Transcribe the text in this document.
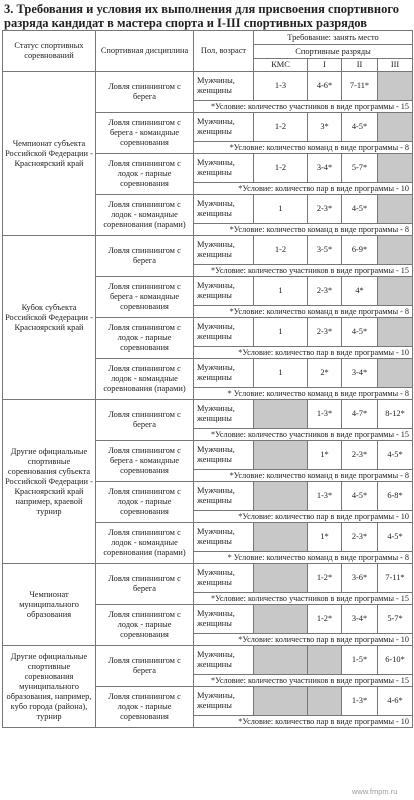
3. Требования и условия их выполнения для присвоения спортивного разряда кандидат в мастера спорта и I-III спортивных разрядов
Статус спортивных соревнований	Спортивная дисциплина	Пол, возраст	Требование: занять место			
			Спортивные разряды			
			КМС	I	II	III
Чемпионат субъекта Российской Федерации - Красноярский край	Ловля спиннингом с берега	Мужчины, женщины	1-3	4-6*	7-11*	
		*Условие: количество участников в виде программы - 15				
	Ловля спиннингом с берега - командные соревнования	Мужчины, женщины	1-2	3*	4-5*	
		*Условие: количество команд в виде программы - 8				
	Ловля спиннингом с лодок - парные соревнования	Мужчины, женщины	1-2	3-4*	5-7*	
		*Условие: количество пар в виде программы - 10				
	Ловля спиннингом с лодок - командные соревнования (парами)	Мужчины, женщины	1	2-3*	4-5*	
		*Условие: количество команд в виде программы - 8				
Кубок субъекта Российской Федерации - Красноярский край	Ловля спиннингом с берега	Мужчины, женщины	1-2	3-5*	6-9*	
		*Условие: количество участников в виде программы - 15				
	Ловля спиннингом с берега - командные соревнования	Мужчины, женщины	1	2-3*	4*	
		*Условие: количество команд в виде программы - 8				
	Ловля спиннингом с лодок - парные соревнования	Мужчины, женщины	1	2-3*	4-5*	
		*Условие: количество пар в виде программы - 10				
	Ловля спиннингом с лодок - командные соревнования (парами)	Мужчины, женщины	1	2*	3-4*	
		* Условие: количество команд в виде программы - 8				
Другие официальные спортивные соревнования субъекта Российской Федерации - Красноярский край например, краевой турнир	Ловля спиннингом с берега	Мужчины, женщины		1-3*	4-7*	8-12*
		*Условие: количество участников в виде программы - 15				
	Ловля спиннингом с берега - командные соревнования	Мужчины, женщины		1*	2-3*	4-5*
		*Условие: количество команд в виде программы - 8				
	Ловля спиннингом с лодок - парные соревнования	Мужчины, женщины		1-3*	4-5*	6-8*
		*Условие: количество пар в виде программы - 10				
	Ловля спиннингом с лодок - командные соревнования (парами)	Мужчины, женщины		1*	2-3*	4-5*
		* Условие: количество команд в виде программы - 8				
Чемпионат муниципального образования	Ловля спиннингом с берега	Мужчины, женщины		1-2*	3-6*	7-11*
		*Условие: количество участников в виде программы - 15				
	Ловля спиннингом с лодок - парные соревнования	Мужчины, женщины		1-2*	3-4*	5-7*
		*Условие: количество пар в виде программы - 10				
Другие официальные спортивные соревнования муниципального образования, например, кубо города (района), турнир	Ловля спиннингом с берега	Мужчины, женщины			1-5*	6-10*
		*Условие: количество участников в виде программы - 15				
	Ловля спиннингом с лодок - парные соревнования	Мужчины, женщины			1-3*	4-6*
		*Условие: количество пар в виде программы - 10				
www.fmpm.ru
